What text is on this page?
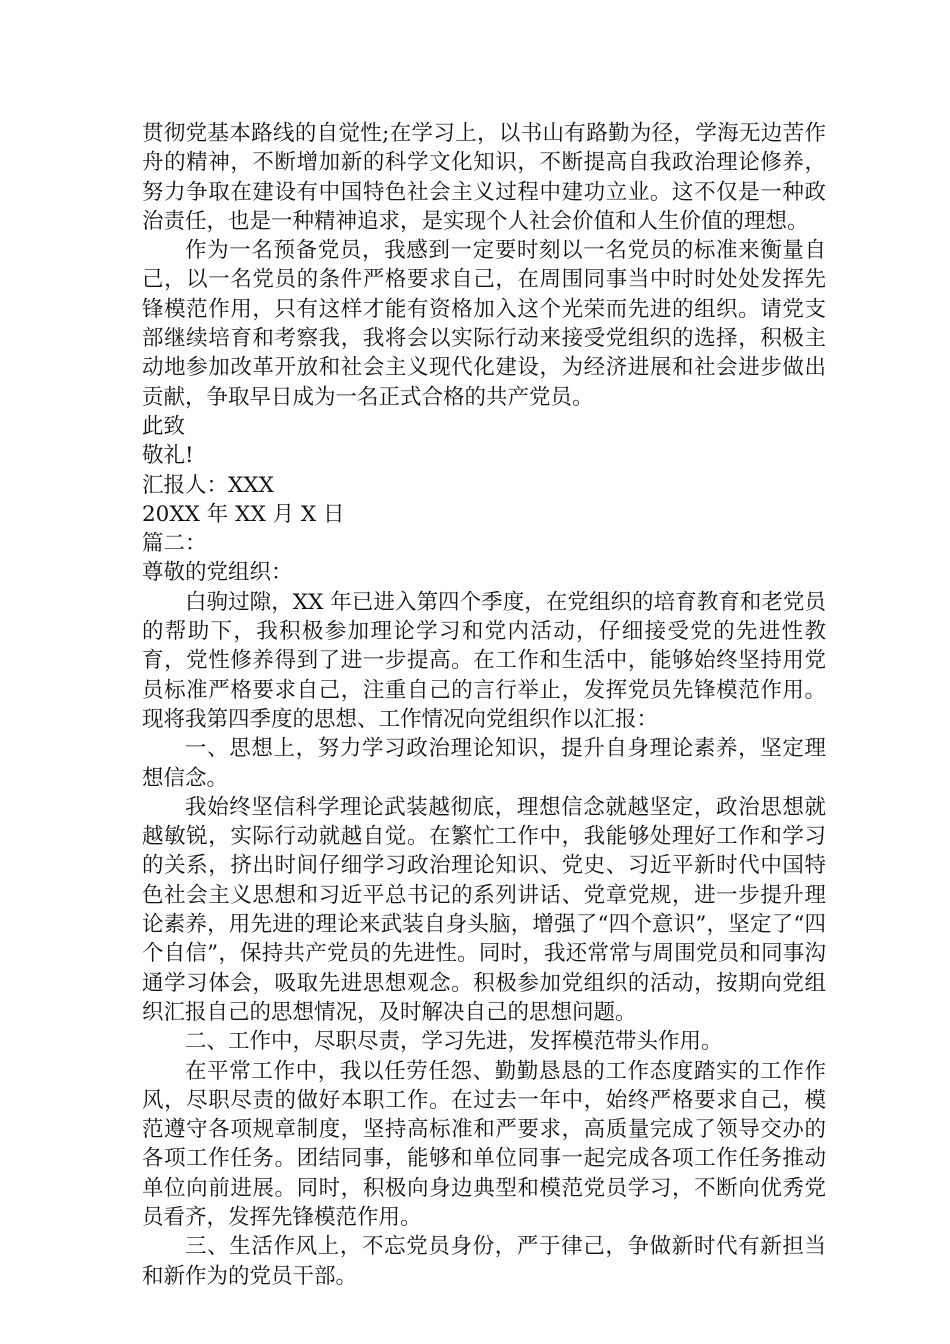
贯彻党基本路线的自觉性;在学习上，以书山有路勤为径，学海无边苦作舟的精神，不断增加新的科学文化知识，不断提高自我政治理论修养，努力争取在建设有中国特色社会主义过程中建功立业。这不仅是一种政治责任，也是一种精神追求，是实现个人社会价值和人生价值的理想。

作为一名预备党员，我感到一定要时刻以一名党员的标准来衡量自己，以一名党员的条件严格要求自己，在周围同事当中时时处处发挥先锋模范作用，只有这样才能有资格加入这个光荣而先进的组织。请党支部继续培育和考察我，我将会以实际行动来接受党组织的选择，积极主动地参加改革开放和社会主义现代化建设，为经济进展和社会进步做出贡献，争取早日成为一名正式合格的共产党员。

此致

敬礼!

汇报人：XXX

20XX 年 XX 月 X 日

篇二：

尊敬的党组织：

白驹过隙，XX 年已进入第四个季度，在党组织的培育教育和老党员的帮助下，我积极参加理论学习和党内活动，仔细接受党的先进性教育，党性修养得到了进一步提高。在工作和生活中，能够始终坚持用党员标准严格要求自己，注重自己的言行举止，发挥党员先锋模范作用。现将我第四季度的思想、工作情况向党组织作以汇报：

一、思想上，努力学习政治理论知识，提升自身理论素养，坚定理想信念。

我始终坚信科学理论武装越彻底，理想信念就越坚定，政治思想就越敏锐，实际行动就越自觉。在繁忙工作中，我能够处理好工作和学习的关系，挤出时间仔细学习政治理论知识、党史、习近平新时代中国特色社会主义思想和习近平总书记的系列讲话、党章党规，进一步提升理论素养，用先进的理论来武装自身头脑，增强了“四个意识”，坚定了“四个自信”，保持共产党员的先进性。同时，我还常常与周围党员和同事沟通学习体会，吸取先进思想观念。积极参加党组织的活动，按期向党组织汇报自己的思想情况，及时解决自己的思想问题。

二、工作中，尽职尽责，学习先进，发挥模范带头作用。

在平常工作中，我以任劳任怨、勤勤恳恳的工作态度踏实的工作作风，尽职尽责的做好本职工作。在过去一年中，始终严格要求自己，模范遵守各项规章制度，坚持高标准和严要求，高质量完成了领导交办的各项工作任务。团结同事，能够和单位同事一起完成各项工作任务推动单位向前进展。同时，积极向身边典型和模范党员学习，不断向优秀党员看齐，发挥先锋模范作用。

三、生活作风上，不忘党员身份，严于律己，争做新时代有新担当和新作为的党员干部。
